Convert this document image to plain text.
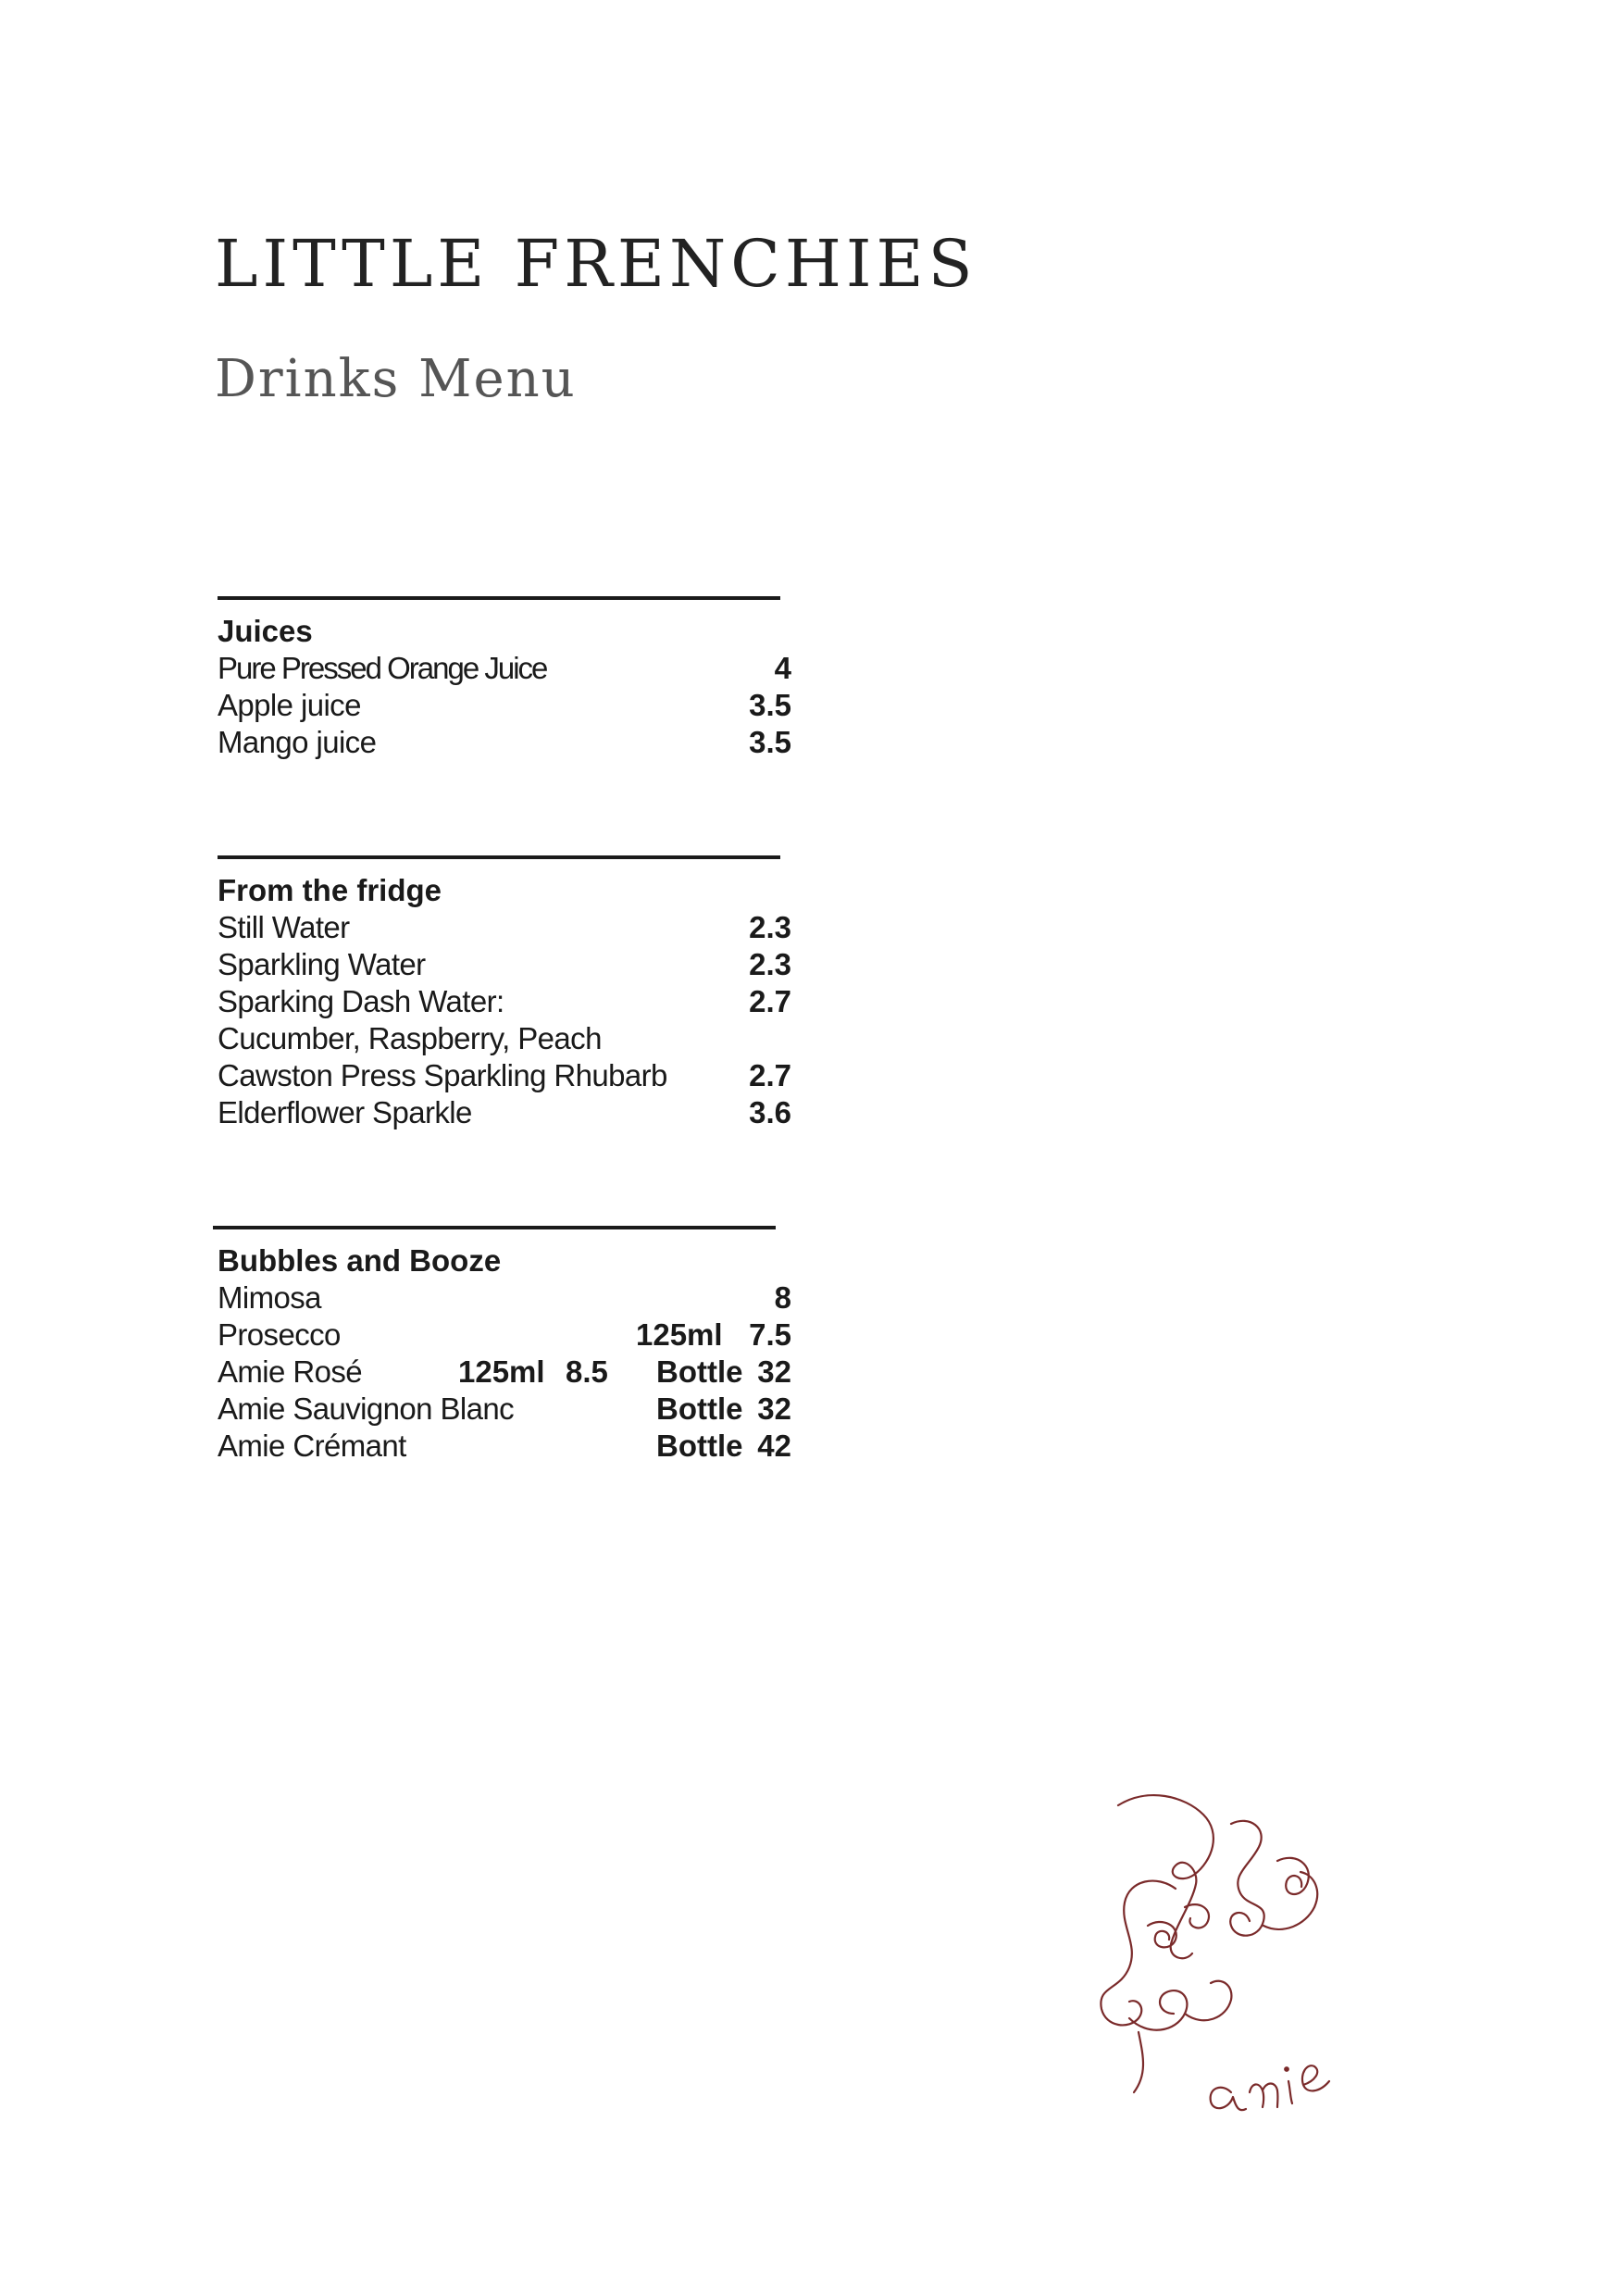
LITTLE FRENCHIES
Drinks Menu
Juices
Pure Pressed Orange Juice	4
Apple juice	3.5
Mango juice	3.5
From the fridge
Still Water	2.3
Sparkling Water	2.3
Sparking Dash Water:	2.7
Cucumber, Raspberry, Peach
Cawston Press Sparkling Rhubarb	2.7
Elderflower Sparkle	3.6
Bubbles and Booze
Mimosa	8
Prosecco	125ml 7.5
Amie Rosé	125ml 8.5 Bottle 32
Amie Sauvignon Blanc	Bottle 32
Amie Crémant	Bottle 42
